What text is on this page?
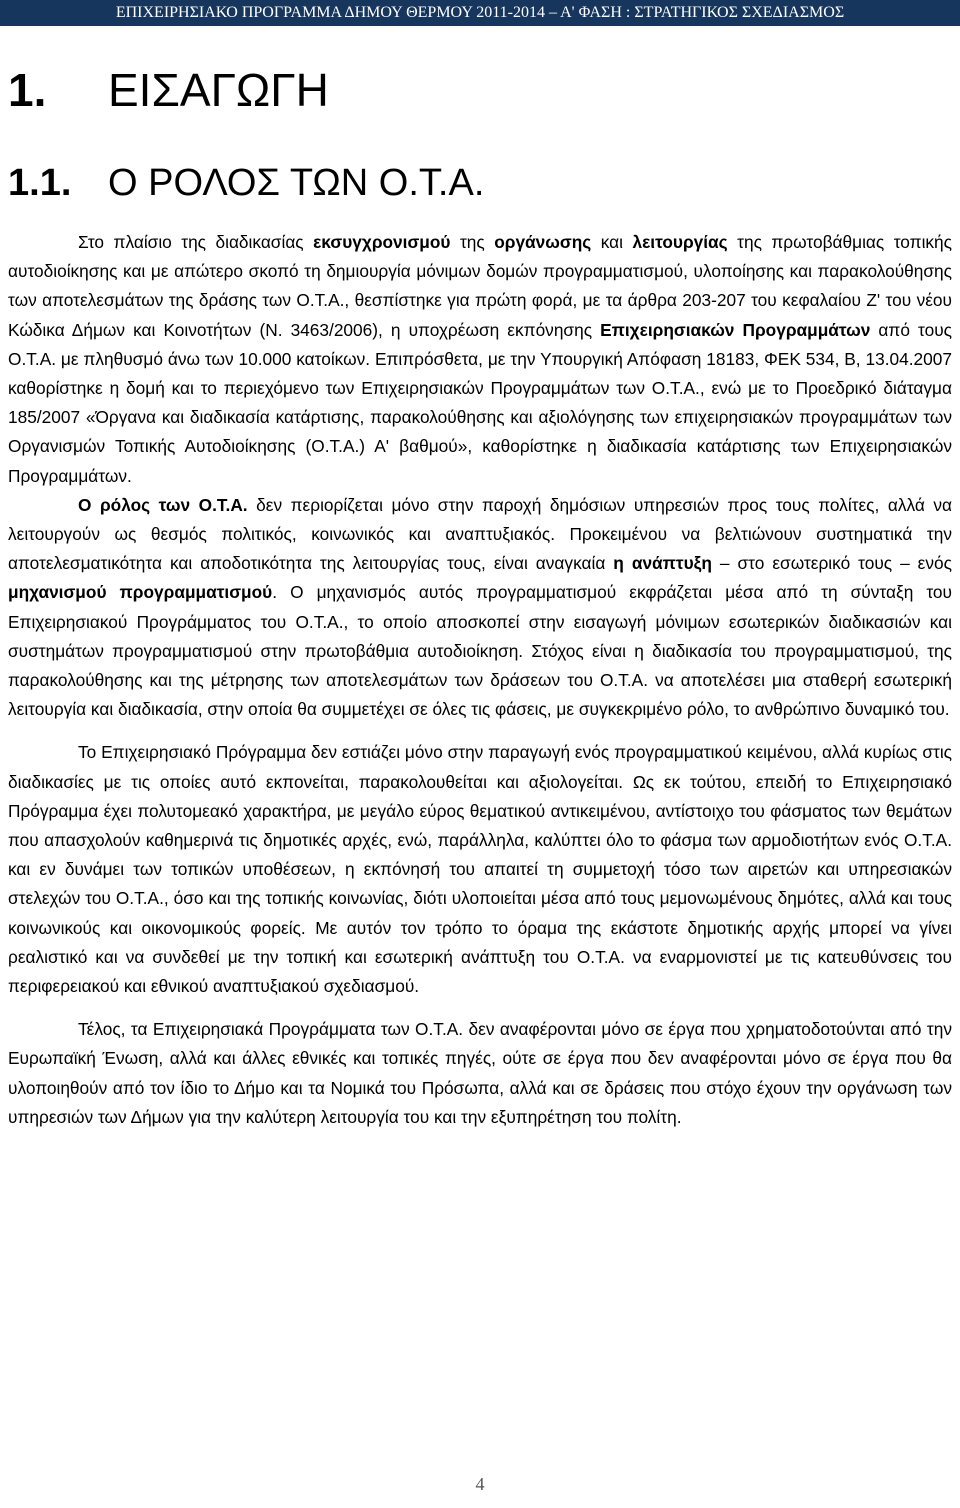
ΕΠΙΧΕΙΡΗΣΙΑΚΟ ΠΡΟΓΡΑΜΜΑ ΔΗΜΟΥ ΘΕΡΜΟΥ 2011-2014 – Α' ΦΑΣΗ : ΣΤΡΑΤΗΓΙΚΟΣ ΣΧΕΔΙΑΣΜΟΣ
1. ΕΙΣΑΓΩΓΗ
1.1. Ο ΡΟΛΟΣ ΤΩΝ Ο.Τ.Α.

Στο πλαίσιο της διαδικασίας εκσυγχρονισμού της οργάνωσης και λειτουργίας της πρωτοβάθμιας τοπικής αυτοδιοίκησης και με απώτερο σκοπό τη δημιουργία μόνιμων δομών προγραμματισμού, υλοποίησης και παρακολούθησης των αποτελεσμάτων της δράσης των Ο.Τ.Α., θεσπίστηκε για πρώτη φορά, με τα άρθρα 203-207 του κεφαλαίου Ζ' του νέου Κώδικα Δήμων και Κοινοτήτων (Ν. 3463/2006), η υποχρέωση εκπόνησης Επιχειρησιακών Προγραμμάτων από τους Ο.Τ.Α. με πληθυσμό άνω των 10.000 κατοίκων. Επιπρόσθετα, με την Υπουργική Απόφαση 18183, ΦΕΚ 534, Β, 13.04.2007 καθορίστηκε η δομή και το περιεχόμενο των Επιχειρησιακών Προγραμμάτων των Ο.Τ.Α., ενώ με το Προεδρικό διάταγμα 185/2007 «Όργανα και διαδικασία κατάρτισης, παρακολούθησης και αξιολόγησης των επιχειρησιακών προγραμμάτων των Οργανισμών Τοπικής Αυτοδιοίκησης (Ο.Τ.Α.) Α' βαθμού», καθορίστηκε η διαδικασία κατάρτισης των Επιχειρησιακών Προγραμμάτων.

Ο ρόλος των Ο.Τ.Α. δεν περιορίζεται μόνο στην παροχή δημόσιων υπηρεσιών προς τους πολίτες, αλλά να λειτουργούν ως θεσμός πολιτικός, κοινωνικός και αναπτυξιακός. Προκειμένου να βελτιώνουν συστηματικά την αποτελεσματικότητα και αποδοτικότητα της λειτουργίας τους, είναι αναγκαία η ανάπτυξη – στο εσωτερικό τους – ενός μηχανισμού προγραμματισμού. Ο μηχανισμός αυτός προγραμματισμού εκφράζεται μέσα από τη σύνταξη του Επιχειρησιακού Προγράμματος του Ο.Τ.Α., το οποίο αποσκοπεί στην εισαγωγή μόνιμων εσωτερικών διαδικασιών και συστημάτων προγραμματισμού στην πρωτοβάθμια αυτοδιοίκηση. Στόχος είναι η διαδικασία του προγραμματισμού, της παρακολούθησης και της μέτρησης των αποτελεσμάτων των δράσεων του Ο.Τ.Α. να αποτελέσει μια σταθερή εσωτερική λειτουργία και διαδικασία, στην οποία θα συμμετέχει σε όλες τις φάσεις, με συγκεκριμένο ρόλο, το ανθρώπινο δυναμικό του.

Το Επιχειρησιακό Πρόγραμμα δεν εστιάζει μόνο στην παραγωγή ενός προγραμματικού κειμένου, αλλά κυρίως στις διαδικασίες με τις οποίες αυτό εκπονείται, παρακολουθείται και αξιολογείται. Ως εκ τούτου, επειδή το Επιχειρησιακό Πρόγραμμα έχει πολυτομεακό χαρακτήρα, με μεγάλο εύρος θεματικού αντικειμένου, αντίστοιχο του φάσματος των θεμάτων που απασχολούν καθημερινά τις δημοτικές αρχές, ενώ, παράλληλα, καλύπτει όλο το φάσμα των αρμοδιοτήτων ενός Ο.Τ.Α. και εν δυνάμει των τοπικών υποθέσεων, η εκπόνησή του απαιτεί τη συμμετοχή τόσο των αιρετών και υπηρεσιακών στελεχών του Ο.Τ.Α., όσο και της τοπικής κοινωνίας, διότι υλοποιείται μέσα από τους μεμονωμένους δημότες, αλλά και τους κοινωνικούς και οικονομικούς φορείς. Με αυτόν τον τρόπο το όραμα της εκάστοτε δημοτικής αρχής μπορεί να γίνει ρεαλιστικό και να συνδεθεί με την τοπική και εσωτερική ανάπτυξη του Ο.Τ.Α. να εναρμονιστεί με τις κατευθύνσεις του περιφερειακού και εθνικού αναπτυξιακού σχεδιασμού.

Τέλος, τα Επιχειρησιακά Προγράμματα των Ο.Τ.Α. δεν αναφέρονται μόνο σε έργα που χρηματοδοτούνται από την Ευρωπαϊκή Ένωση, αλλά και άλλες εθνικές και τοπικές πηγές, ούτε σε έργα που δεν αναφέρονται μόνο σε έργα που θα υλοποιηθούν από τον ίδιο το Δήμο και τα Νομικά του Πρόσωπα, αλλά και σε δράσεις που στόχο έχουν την οργάνωση των υπηρεσιών των Δήμων για την καλύτερη λειτουργία του και την εξυπηρέτηση του πολίτη.

4
